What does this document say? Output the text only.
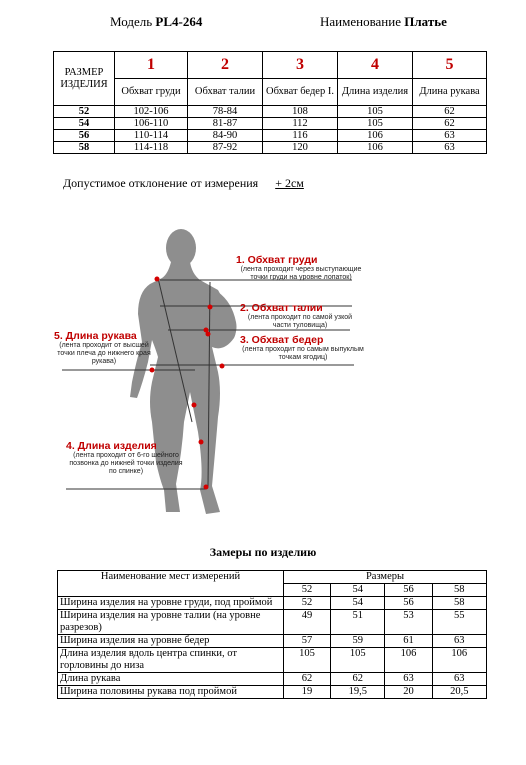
Модель PL4-264	Наименование Платье
РАЗМЕР ИЗДЕЛИЯ	1	2	3	4	5
	Обхват груди	Обхват талии	Обхват бедер I.	Длина изделия	Длина рукава
52	102-106	78-84	108	105	62
54	106-110	81-87	112	105	62
56	110-114	84-90	116	106	63
58	114-118	87-92	120	106	63
Допустимое отклонение от измерения + 2см
1. Обхват груди
(лента проходит через выступающие точки груди на уровне лопаток)
2. Обхват талии
(лента проходит по самой узкой части туловища)
3. Обхват бедер
(лента проходит по самым выпуклым точкам ягодиц)
5. Длина рукава
(лента проходит от высшей точки плеча до нижнего края рукава)
4. Длина изделия
(лента проходит от 6-го шейного позвонка до нижней точки изделия по спинке)
Замеры по изделию
Наименование мест измерений	Размеры			
	52	54	56	58
Ширина изделия на уровне груди, под проймой	52	54	56	58
Ширина изделия на уровне талии (на уровне разрезов)	49	51	53	55
Ширина изделия на уровне бедер	57	59	61	63
Длина изделия вдоль центра спинки, от горловины до низа	105	105	106	106
Длина рукава	62	62	63	63
Ширина половины рукава под проймой	19	19,5	20	20,5
